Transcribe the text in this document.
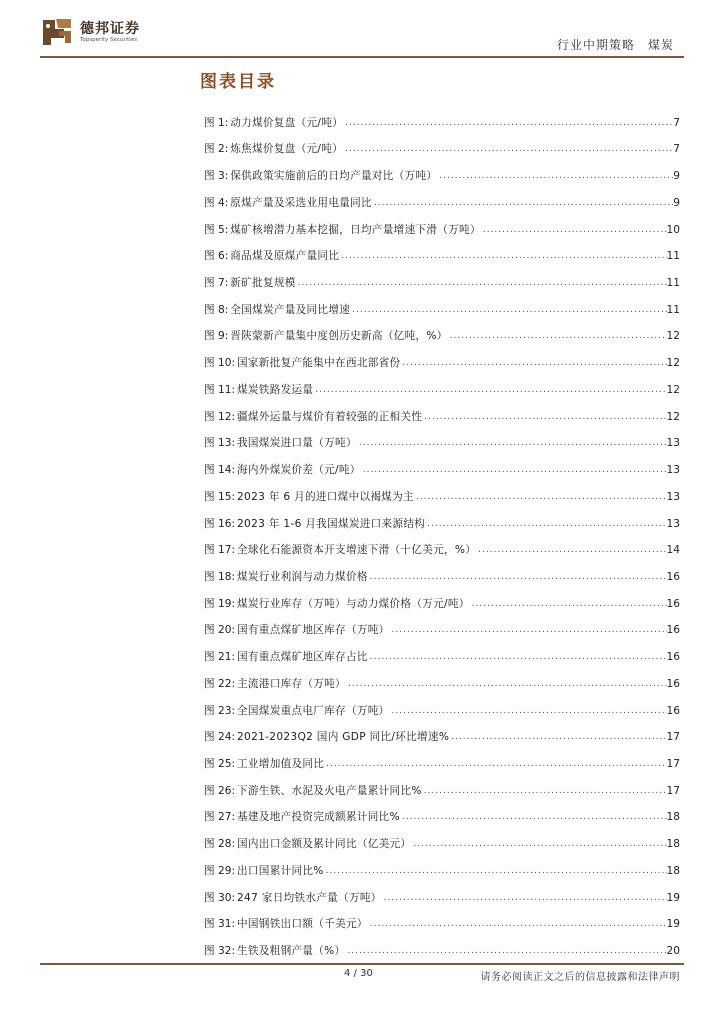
德邦证券
Topsperity Securities	行业中期策略　煤炭
图表目录
图 1: 动力煤价复盘（元/吨） .....	7
图 2: 炼焦煤价复盘（元/吨） .....	7
图 3: 保供政策实施前后的日均产量对比（万吨） .....	9
图 4: 原煤产量及采选业用电量同比 .....	9
图 5: 煤矿核增潜力基本挖掘，日均产量增速下滑（万吨） .....	10
图 6: 商品煤及原煤产量同比 .....	11
图 7: 新矿批复规模 .....	11
图 8: 全国煤炭产量及同比增速 .....	11
图 9: 晋陕蒙新产量集中度创历史新高（亿吨，%） .....	12
图 10: 国家新批复产能集中在西北部省份 .....	12
图 11: 煤炭铁路发运量 .....	12
图 12: 疆煤外运量与煤价有着较强的正相关性 .....	12
图 13: 我国煤炭进口量（万吨） .....	13
图 14: 海内外煤炭价差（元/吨） .....	13
图 15: 2023 年 6 月的进口煤中以褐煤为主 .....	13
图 16: 2023 年 1-6 月我国煤炭进口来源结构 .....	13
图 17: 全球化石能源资本开支增速下滑（十亿美元，%） .....	14
图 18: 煤炭行业利润与动力煤价格 .....	16
图 19: 煤炭行业库存（万吨）与动力煤价格（万元/吨） .....	16
图 20: 国有重点煤矿地区库存（万吨） .....	16
图 21: 国有重点煤矿地区库存占比 .....	16
图 22: 主流港口库存（万吨） .....	16
图 23: 全国煤炭重点电厂库存（万吨） .....	16
图 24: 2021-2023Q2 国内 GDP 同比/环比增速% .....	17
图 25: 工业增加值及同比 .....	17
图 26: 下游生铁、水泥及火电产量累计同比% .....	17
图 27: 基建及地产投资完成额累计同比% .....	18
图 28: 国内出口金额及累计同比（亿美元） .....	18
图 29: 出口国累计同比% .....	18
图 30: 247 家日均铁水产量（万吨） .....	19
图 31: 中国钢铁出口额（千美元） .....	19
图 32: 生铁及粗钢产量（%） .....	20
4 / 30	请务必阅读正文之后的信息披露和法律声明
